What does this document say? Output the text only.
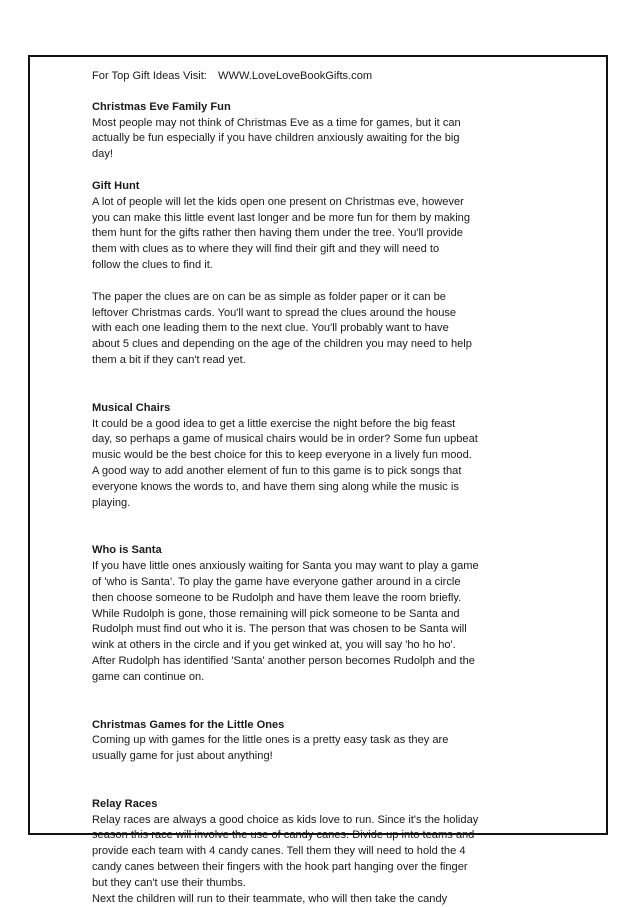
For Top Gift Ideas Visit: WWW.LoveLoveBookGifts.com
Christmas Eve Family Fun
Most people may not think of Christmas Eve as a time for games, but it can
actually be fun especially if you have children anxiously awaiting for the big
day!
Gift Hunt
A lot of people will let the kids open one present on Christmas eve, however
you can make this little event last longer and be more fun for them by making
them hunt for the gifts rather then having them under the tree. You'll provide
them with clues as to where they will find their gift and they will need to
follow the clues to find it.
The paper the clues are on can be as simple as folder paper or it can be
leftover Christmas cards. You'll want to spread the clues around the house
with each one leading them to the next clue. You'll probably want to have
about 5 clues and depending on the age of the children you may need to help
them a bit if they can't read yet.
Musical Chairs
It could be a good idea to get a little exercise the night before the big feast
day, so perhaps a game of musical chairs would be in order? Some fun upbeat
music would be the best choice for this to keep everyone in a lively fun mood.
A good way to add another element of fun to this game is to pick songs that
everyone knows the words to, and have them sing along while the music is
playing.
Who is Santa
If you have little ones anxiously waiting for Santa you may want to play a game
of 'who is Santa'. To play the game have everyone gather around in a circle
then choose someone to be Rudolph and have them leave the room briefly.
While Rudolph is gone, those remaining will pick someone to be Santa and
Rudolph must find out who it is. The person that was chosen to be Santa will
wink at others in the circle and if you get winked at, you will say 'ho ho ho'.
After Rudolph has identified 'Santa' another person becomes Rudolph and the
game can continue on.
Christmas Games for the Little Ones
Coming up with games for the little ones is a pretty easy task as they are
usually game for just about anything!
Relay Races
Relay races are always a good choice as kids love to run. Since it's the holiday
season this race will involve the use of candy canes. Divide up into teams and
provide each team with 4 candy canes. Tell them they will need to hold the 4
candy canes between their fingers with the hook part hanging over the finger
but they can't use their thumbs.
Next the children will run to their teammate, who will then take the candy
